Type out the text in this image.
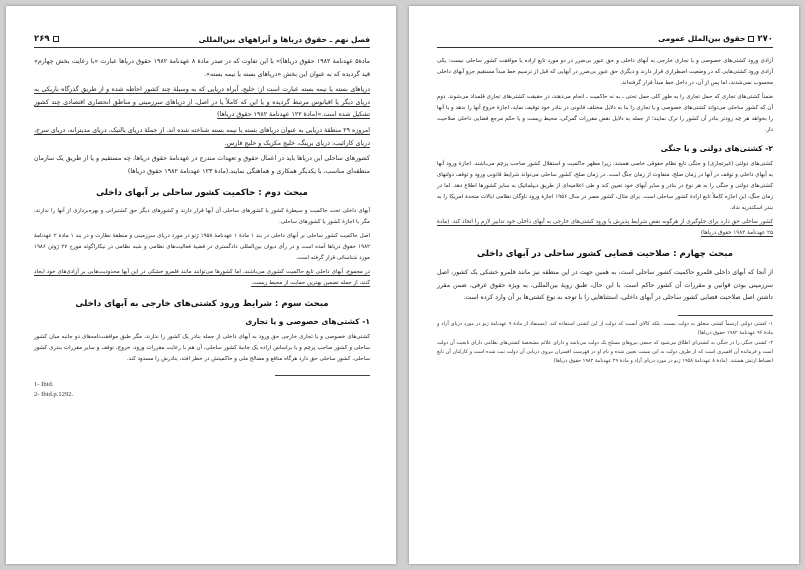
فصل نهم ـ حقوق دریاها و آبراههای بین‌المللی
۲۶۹

مادهٔ۵ عهدنامهٔ ۱۹۸۲ حقوق دریاها)» با این تفاوت که در صدر مادهٔ ۸ عهدنامهٔ ۱۹۸۲ حقوق دریاها عبارت «با رعایت بخش چهارم» قید گردیده که به عنوان این بخش «دریاهای بسته یا نیمه بسته».

دریاهای بسته یا نیمه بسته عبارت است از: خلیج، آبراه دریایی که به وسیلهٔ چند کشور احاطه شده و از طریق گذرگاه باریکی به دریای دیگر یا اقیانوس مرتبط گردیده و یا این که کاملاً یا در اصل، از دریاهای سرزمینی و مناطق انحصاری اقتصادی چند کشور تشکیل شده است.»(مادهٔ ۱۲۲ عهدنامهٔ ۱۹۸۲ حقوق دریاها)

امروزه ۲۹ منطقهٔ دریایی به عنوان دریاهای بسته یا نیمه بسته شناخته شده اند. از جملهٔ دریای بالتیک، دریای مدیترانه، دریای سرخ، دریای کارائیب، دریای برینگ، خلیج مکزیک و خلیج فارس.

کشورهای ساحلی این دریاها باید در اعمال حقوق و تعهدات مندرج در عهدنامهٔ حقوق دریاها، چه مستقیم و یا از طریق یک سازمان منطقه‌ای مناسب، با یکدیگر همکاری و هماهنگی نمایند.(مادهٔ ۱۲۳ عهدنامهٔ ۱۹۸۲ حقوق دریاها)

مبحث دوم : حاکمیت کشور ساحلی بر آبهای داخلی

آبهای داخلی تحت حاکمیت و سیطرهٔ کشور یا کشورهای ساحلی آن آبها قرار دارند و کشورهای دیگر حق کشتیرانی و بهره‌برداری از آنها را ندارند، مگر با اجازهٔ کشور یا کشورهای ساحلی.

اصل حاکمیت کشور ساحلی بر آبهای داخلی در بند ۱ مادهٔ ۱ عهدنامهٔ ۱۹۵۸ ژنو در مورد دریای سرزمینی و منطقهٔ نظارت و در بند ۱ مادهٔ ۲ عهدنامهٔ ۱۹۸۲ حقوق دریاها آمده است و در رأی دیوان بین‌المللی دادگستری در قضیهٔ فعالیت‌های نظامی و شبه نظامی در نیکاراگوئه مورخ ۲۷ ژوئن ۱۹۸۶ مورد شناسائی قرار گرفته است.

در مجموع، آبهای داخلی تابع حاکمیت کشوری می‌باشند، اما کشورها می‌توانند مانند قلمرو خشکی در این آبها محدودیت‌هایی بر آزادی‌های خود ایجاد کنند، از جمله تضمین بهترین حمایت از محیط زیست.

مبحث سوم : شرایط ورود کشتی‌های خارجی به آبهای داخلی
۱- کشتی‌های خصوصی و یا تجاری

کشتی‌های خصوصی و یا تجاری خارجی حق ورود به آبهای داخلی از جمله بنادر یک کشور را ندارند، مگر طبق موافقت‌نامه‌های دو جانبه میان کشور ساحلی و کشور صاحب پرچم و یا براساس اراده یک جانبهٔ کشور ساحلی، آن هم با رعایت مقررات ورود، خروج، توقف و سایر مقررات بندری کشور ساحلی. کشور ساحلی حق دارد هرگاه منافع و مصالح ملی و حاکمیتش در خطر افتد، بنادرش را مسدود کند.

1- Ibid.

2- Ibid.p.1292.

۲۷۰حقوق بین‌الملل عمومی

آزادی ورود کشتی‌های خصوصی و یا تجاری خارجی به آبهای داخلی و حق عبور بی‌ضرر در دو مورد تابع اراده یا موافقت کشور ساحلی نیست: یکی آزادی ورود کشتی‌هایی که در وضعیت اضطراری قرار دارند و دیگری حق عبور بی‌ضرر در آبهایی که قبل از ترسیم خط مبدأ مستقیم جزو آبهای داخلی محسوب نمی‌شدند، اما پس از آن، در داخل خط مبدأ قرار گرفته‌اند.

ضمناً کشتی‌های تجاری که حمل تجاری را به طور کلی حمل تحتی ـ به نه حاکمیت ـ انجام می‌دهند، در حقیقت کشتی‌های تجاری قلمداد می‌شوند. دوم آن که کشور ساحلی می‌تواند کشتی‌های خصوصی و یا تجاری را بنا به دلایل مختلف قانونی در بنادر خود توقیف نماید، اجازهٔ خروج آنها را ندهد و یا آنها را بخواهد هر چه زودتر بنادر آن کشور را ترک نمایند؛ از جمله به دلایل نقض مقررات گمرکی، محیط زیست و یا حکم مرجع قضایی داخلی صلاحیت دار.

۲- کشتی‌های دولتی و یا جنگی

کشتی‌های دولتی (غیرتجاری) و جنگی تابع نظام حقوقی خاصی هستند، زیرا مظهر حاکمیت و استقلال کشور صاحب پرچم می‌باشند. اجازهٔ ورود آنها به آبهای داخلی و توقف در آنها در زمان صلح، متفاوت از زمان جنگ است. در زمان صلح، کشور ساحلی می‌تواند شرایط قانونی ورود و توقف دولتهای کشتی‌های دولتی و جنگی را به هر نوع در بنادر و سایر آبهای خود تعیین کند و طی اعلامیه‌ای از طریق دیپلماتیک به سایر کشورها اطلاع دهد. اما در زمان جنگ، این اجازه کاملاً تابع ارادهٔ کشور ساحلی است. برای مثال، کشور مصر در سال ۱۹۵۶ اجازهٔ ورود ناوگان نظامی ایالات متحدهٔ امریکا را به بندر اسکندریه نداد.

کشور ساحلی حق دارد برای جلوگیری از هرگونه نقض شرایط پذیرش یا ورود کشتی‌های خارجی به آبهای داخلی خود تدابیر لازم را اتخاذ کند. (مادهٔ ۲۵ عهدنامهٔ ۱۹۸۲ حقوق دریاها)

مبحث چهارم : صلاحیت قضایی کشور ساحلی در آبهای داخلی

از آنجا که آبهای داخلی قلمرو حاکمیت کشور ساحلی است، به همین جهت در این منطقه نیز مانند قلمرو خشکی یک کشور، اصل سرزمینی بودن قوانین و مقررات آن کشور حاکم است. با این حال، طبق رویهٔ بین‌المللی، به ویژه حقوق عرفی، ضمن مقرر داشتن اصل صلاحیت قضایی کشور ساحلی در آبهای داخلی، استثناهایی را با توجه به نوع کشتی‌ها بر آن وارد کرده است.

۱- کشتی دولتی (رسماً کشتی متعلق به دولت نیست، بلکه کالای آنست که دولت از این کشتی استفاده کند. (مستفاد از مادهٔ ۹ عهدنامهٔ ژنو در مورد دریای آزاد و مادهٔ ۹۶ عهدنامهٔ ۱۹۸۲ حقوق دریاها)

۲- کشتی جنگی را در جنگی به کشتی‌ای اطلاق می‌شود که جمعی نیروهای مسلح یک دولت می‌باشد و دارای علائم مشخصهٔ کشتی‌های نظامی دارای تابعیت آن دولت است و فرمانده آن افسری است که از طرف دولت به این سمت تعیین شده و نام او در فهرست افسران نیروی دریایی آن دولت ثبت شده است و کارکنان آن تابع انضباط ارتش هستند. (مادهٔ ۸ عهدنامهٔ ۱۹۵۸ ژنو در مورد دریای آزاد و مادهٔ ۲۹ عهدنامهٔ ۱۹۸۲ حقوق دریاها)
